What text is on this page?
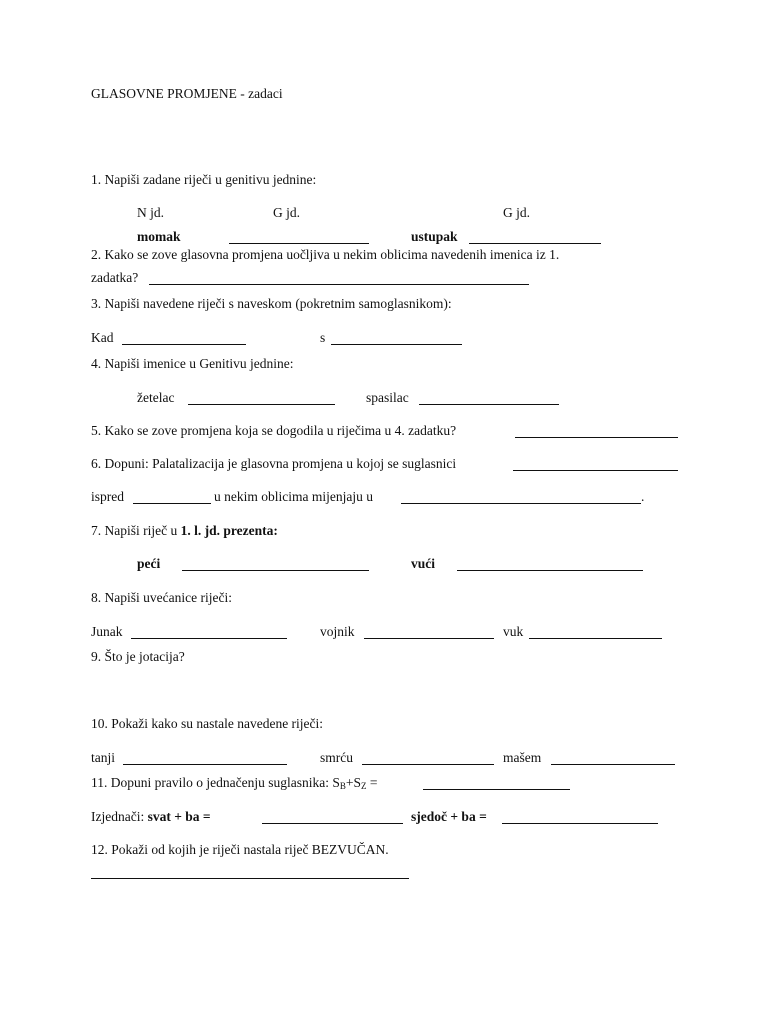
GLASOVNE PROMJENE - zadaci
1. Napiši zadane riječi u genitivu jednine:
N jd.	G jd.	G jd.
momak	ustupak
2. Kako se zove glasovna promjena uočljiva u nekim oblicima navedenih imenica iz 1.
zadatka?
3. Napiši navedene riječi s naveskom (pokretnim samoglasnikom):
Kad	s
4. Napiši imenice u Genitivu jednine:
žetelac	spasilac
5. Kako se zove promjena koja se dogodila u riječima u 4. zadatku?
6. Dopuni: Palatalizacija je glasovna promjena u kojoj se suglasnici
ispred	u nekim oblicima mijenjaju u	.
7. Napiši riječ u 1. l. jd. prezenta:
peći	vući
8. Napiši uvećanice riječi:
Junak	vojnik	vuk
9. Što je jotacija?
10. Pokaži kako su nastale navedene riječi:
tanji	smrću	mašem
11. Dopuni pravilo o jednačenju suglasnika: $S_B+S_Z$ =
Izjednači: svat + ba =	sjedoč + ba =
12. Pokaži od kojih je riječi nastala riječ BEZVUČAN.
